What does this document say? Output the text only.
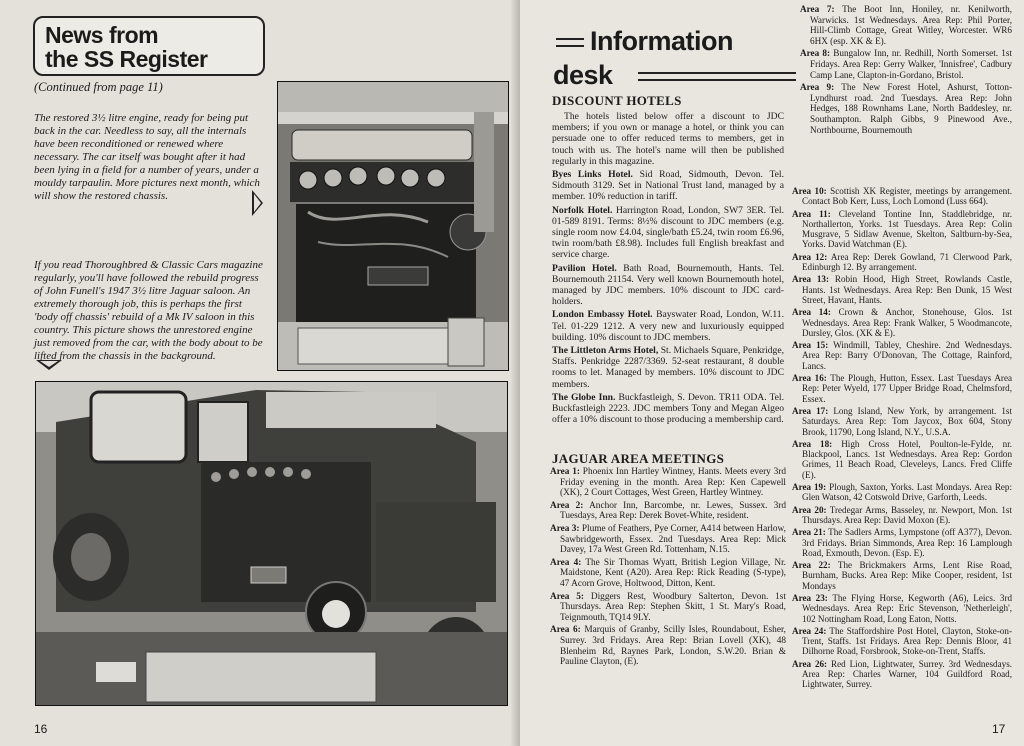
News from
the SS Register
(Continued from page 11)
The restored 3½ litre engine, ready for being put back in the car. Needless to say, all the internals have been reconditioned or renewed where necessary. The car itself was bought after it had been lying in a field for a number of years, under a mouldy tarpaulin. More pictures next month, which will show the restored chassis.
If you read Thoroughbred & Classic Cars magazine regularly, you'll have followed the rebuild progress of John Funell's 1947 3½ litre Jaguar saloon. An extremely thorough job, this is perhaps the first 'body off chassis' rebuild of a Mk IV saloon in this country. This picture shows the unrestored engine just removed from the car, with the body about to be lifted from the chassis in the background.
16
Information
desk
DISCOUNT HOTELS

The hotels listed below offer a discount to JDC members; if you own or manage a hotel, or think you can persuade one to offer reduced terms to members, get in touch with us. The hotel's name will then be published regularly in this magazine.

Byes Links Hotel. Sid Road, Sidmouth, Devon. Tel. Sidmouth 3129. Set in National Trust land, managed by a member. 10% reduction in tariff.

Norfolk Hotel. Harrington Road, London, SW7 3ER. Tel. 01-589 8191. Terms: 8½% discount to JDC members (e.g. single room now £4.04, single/bath £5.24, twin room £6.96, twin room/bath £8.98). Includes full English breakfast and service charge.

Pavilion Hotel. Bath Road, Bournemouth, Hants. Tel. Bournemouth 21154. Very well known Bournemouth hotel, managed by JDC members. 10% discount to JDC card-holders.

London Embassy Hotel. Bayswater Road, London, W.11. Tel. 01-229 1212. A very new and luxuriously equipped building. 10% discount to JDC members.

The Littleton Arms Hotel, St. Michaels Square, Penkridge, Staffs. Penkridge 2287/3369. 52-seat restaurant, 8 double rooms to let. Managed by members. 10% discount to JDC members.

The Globe Inn. Buckfastleigh, S. Devon. TR11 ODA. Tel. Buckfastleigh 2223. JDC members Tony and Megan Algeo offer a 10% discount to those producing a membership card.

JAGUAR AREA MEETINGS

Area 1: Phoenix Inn Hartley Wintney, Hants. Meets every 3rd Friday evening in the month. Area Rep: Ken Capewell (XK), 2 Court Cottages, West Green, Hartley Wintney.

Area 2: Anchor Inn, Barcombe, nr. Lewes, Sussex. 3rd Tuesdays, Area Rep: Derek Bovet-White, resident.

Area 3: Plume of Feathers, Pye Corner, A414 between Harlow, Sawbridgeworth, Essex. 2nd Tuesdays. Area Rep: Mick Davey, 17a West Green Rd. Tottenham, N.15.

Area 4: The Sir Thomas Wyatt, British Legion Village, Nr. Maidstone, Kent (A20). Area Rep: Rick Reading (S-type), 47 Acorn Grove, Holtwood, Ditton, Kent.

Area 5: Diggers Rest, Woodbury Salterton, Devon. 1st Thursdays. Area Rep: Stephen Skitt, 1 St. Mary's Road, Teignmouth, TQ14 9LY.

Area 6: Marquis of Granby, Scilly Isles, Roundabout, Esher, Surrey. 3rd Fridays. Area Rep: Brian Lovell (XK), 48 Blenheim Rd, Raynes Park, London, S.W.20. Brian & Pauline Clayton, (E).

Area 7: The Boot Inn, Honiley, nr. Kenilworth, Warwicks. 1st Wednesdays. Area Rep: Phil Porter, Hill-Climb Cottage, Great Witley, Worcester. WR6 6HX (esp. XK & E).

Area 8: Bungalow Inn, nr. Redhill, North Somerset. 1st Fridays. Area Rep: Gerry Walker, 'Innisfree', Cadbury Camp Lane, Clapton-in-Gordano, Bristol.

Area 9: The New Forest Hotel, Ashurst, Totton-Lyndhurst road. 2nd Tuesdays. Area Rep: John Hedges, 188 Rownhams Lane, North Baddesley, nr. Southampton. Ralph Gibbs, 9 Pinewood Ave., Northbourne, Bournemouth

Area 10: Scottish XK Register, meetings by arrangement. Contact Bob Kerr, Luss, Loch Lomond (Luss 664).

Area 11: Cleveland Tontine Inn, Staddlebridge, nr. Northallerton, Yorks. 1st Tuesdays. Area Rep: Colin Musgrave, 5 Sidlaw Avenue, Skelton, Saltburn-by-Sea, Yorks. David Watchman (E).

Area 12: Area Rep: Derek Gowland, 71 Clerwood Park, Edinburgh 12. By arrangement.

Area 13: Robin Hood, High Street, Rowlands Castle, Hants. 1st Wednesdays. Area Rep: Ben Dunk, 15 West Street, Havant, Hants.

Area 14: Crown & Anchor, Stonehouse, Glos. 1st Wednesdays. Area Rep: Frank Walker, 5 Woodmancote, Dursley, Glos. (XK & E).

Area 15: Windmill, Tabley, Cheshire. 2nd Wednesdays. Area Rep: Barry O'Donovan, The Cottage, Rainford, Lancs.

Area 16: The Plough, Hutton, Essex. Last Tuesdays Area Rep: Peter Wyeld, 177 Upper Bridge Road, Chelmsford, Essex.

Area 17: Long Island, New York, by arrangement. 1st Saturdays. Area Rep: Tom Jaycox, Box 604, Stony Brook, 11790, Long Island, N.Y., U.S.A.

Area 18: High Cross Hotel, Poulton-le-Fylde, nr. Blackpool, Lancs. 1st Wednesdays. Area Rep: Gordon Grimes, 11 Beach Road, Cleveleys, Lancs. Fred Cliffe (E).

Area 19: Plough, Saxton, Yorks. Last Mondays. Area Rep: Glen Watson, 42 Cotswold Drive, Garforth, Leeds.

Area 20: Tredegar Arms, Basseley, nr. Newport, Mon. 1st Thursdays. Area Rep: David Moxon (E).

Area 21: The Sadlers Arms, Lympstone (off A377), Devon. 3rd Fridays. Brian Simmonds, Area Rep: 16 Lamplough Road, Exmouth, Devon. (Esp. E).

Area 22: The Brickmakers Arms, Lent Rise Road, Burnham, Bucks. Area Rep: Mike Cooper, resident, 1st Mondays

Area 23: The Flying Horse, Kegworth (A6), Leics. 3rd Wednesdays. Area Rep: Eric Stevenson, 'Netherleigh', 102 Nottingham Road, Long Eaton, Notts.

Area 24: The Staffordshire Post Hotel, Clayton, Stoke-on-Trent, Staffs. 1st Fridays. Area Rep: Dennis Bloor, 41 Dilhorne Road, Forsbrook, Stoke-on-Trent, Staffs.

Area 26: Red Lion, Lightwater, Surrey. 3rd Wednesdays. Area Rep: Charles Warner, 104 Guildford Road, Lightwater, Surrey.

17
